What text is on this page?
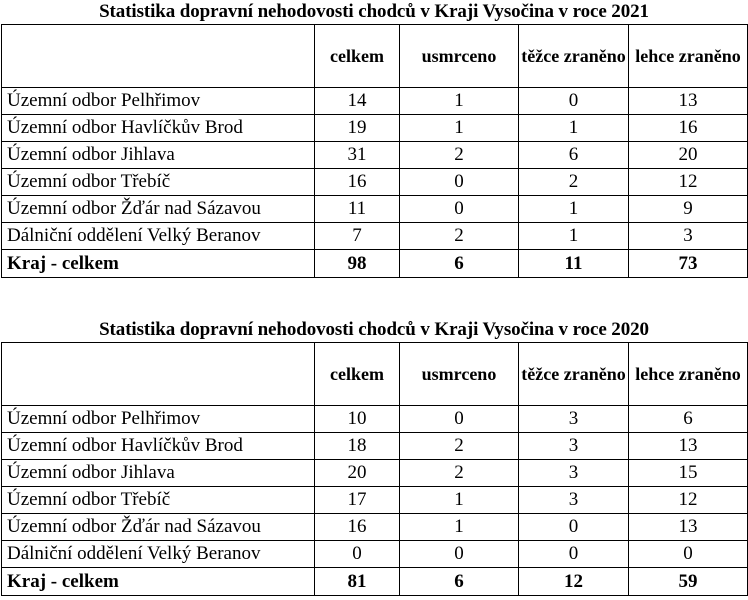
Statistika dopravní nehodovosti chodců v Kraji Vysočina v roce 2021
	celkem	usmrceno	těžce zraněno	lehce zraněno
Územní odbor Pelhřimov	14	1	0	13
Územní odbor Havlíčkův Brod	19	1	1	16
Územní odbor Jihlava	31	2	6	20
Územní odbor Třebíč	16	0	2	12
Územní odbor Žďár nad Sázavou	11	0	1	9
Dálniční oddělení Velký Beranov	7	2	1	3
Kraj - celkem	98	6	11	73
Statistika dopravní nehodovosti chodců v Kraji Vysočina v roce 2020
	celkem	usmrceno	těžce zraněno	lehce zraněno
Územní odbor Pelhřimov	10	0	3	6
Územní odbor Havlíčkův Brod	18	2	3	13
Územní odbor Jihlava	20	2	3	15
Územní odbor Třebíč	17	1	3	12
Územní odbor Žďár nad Sázavou	16	1	0	13
Dálniční oddělení Velký Beranov	0	0	0	0
Kraj - celkem	81	6	12	59
